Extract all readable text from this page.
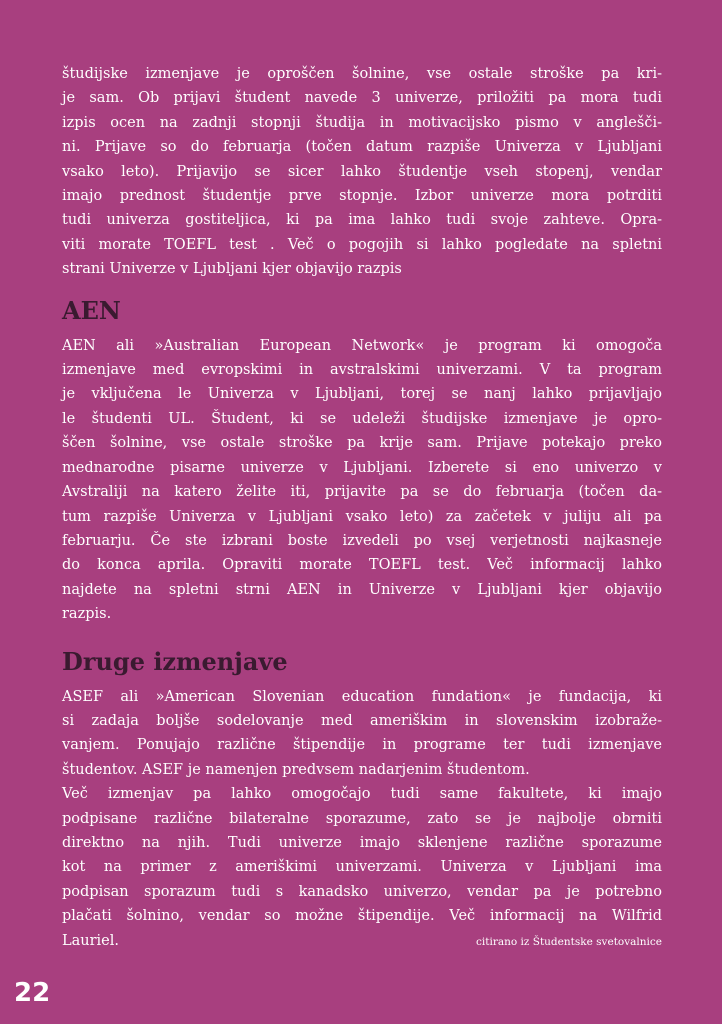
študijske izmenjave je oproščen šolnine, vse ostale stroške pa kri-
je sam. Ob prijavi študent navede 3 univerze, priložiti pa mora tudi
izpis ocen na zadnji stopnji študija in motivacijsko pismo v anglešči-
ni. Prijave so do februarja (točen datum razpiše Univerza v Ljubljani
vsako leto). Prijavijo se sicer lahko študentje vseh stopenj, vendar
imajo prednost študentje prve stopnje. Izbor univerze mora potrditi
tudi univerza gostiteljica, ki pa ima lahko tudi svoje zahteve. Opra-
viti morate TOEFL test . Več o pogojih si lahko pogledate na spletni
strani Univerze v Ljubljani kjer objavijo razpis

AEN

AEN ali »Australian European Network« je program ki omogoča
izmenjave med evropskimi in avstralskimi univerzami. V ta program
je vključena le Univerza v Ljubljani, torej se nanj lahko prijavljajo
le študenti UL. Študent, ki se udeleži študijske izmenjave je opro-
ščen šolnine, vse ostale stroške pa krije sam. Prijave potekajo preko
mednarodne pisarne univerze v Ljubljani. Izberete si eno univerzo v
Avstraliji na katero želite iti, prijavite pa se do februarja (točen da-
tum razpiše Univerza v Ljubljani vsako leto) za začetek v juliju ali pa
februarju. Če ste izbrani boste izvedeli po vsej verjetnosti najkasneje
do konca aprila. Opraviti morate TOEFL test. Več informacij lahko
najdete na spletni strni AEN in Univerze v Ljubljani kjer objavijo
razpis.

Druge izmenjave

ASEF ali »American Slovenian education fundation« je fundacija, ki
si zadaja boljše sodelovanje med ameriškim in slovenskim izobraže-
vanjem. Ponujajo različne štipendije in programe ter tudi izmenjave
študentov. ASEF je namenjen predvsem nadarjenim študentom.
Več izmenjav pa lahko omogočajo tudi same fakultete, ki imajo
podpisane različne bilateralne sporazume, zato se je najbolje obrniti
direktno na njih. Tudi univerze imajo sklenjene različne sporazume
kot na primer z ameriškimi univerzami. Univerza v Ljubljani ima
podpisan sporazum tudi s kanadsko univerzo, vendar pa je potrebno
plačati šolnino, vendar so možne štipendije. Več informacij na Wilfrid
Lauriel.	citirano iz Študentske svetovalnice

22
